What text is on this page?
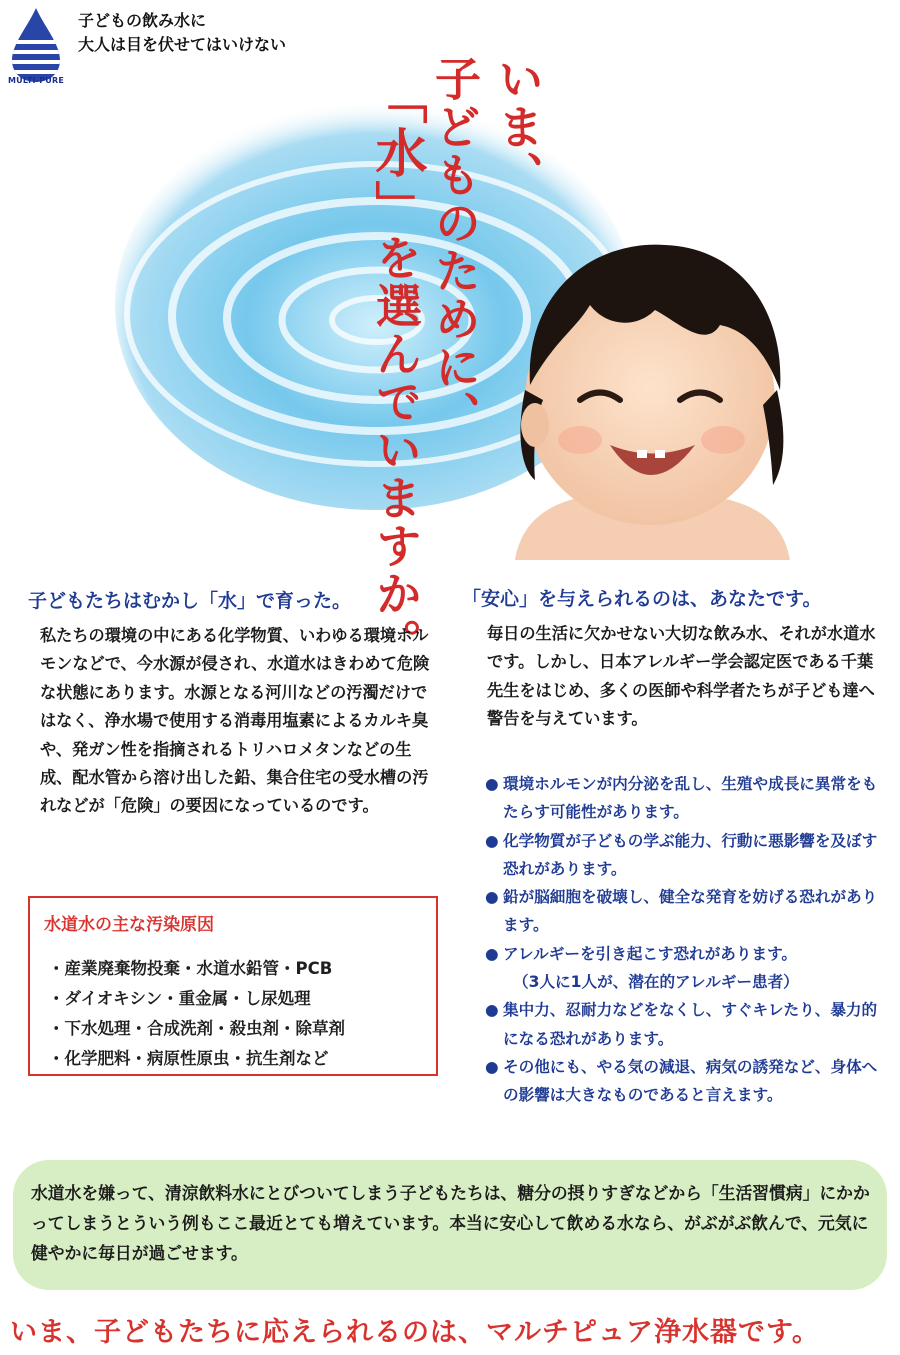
MULTI-PURE
子どもの飲み水に
大人は目を伏せてはいけない
いま、
子どものために、
「水」を選んでいますか。
子どもたちはむかし「水」で育った。
私たちの環境の中にある化学物質、いわゆる環境ホルモンなどで、今水源が侵され、水道水はきわめて危険な状態にあります。水源となる河川などの汚濁だけではなく、浄水場で使用する消毒用塩素によるカルキ臭や、発ガン性を指摘されるトリハロメタンなどの生成、配水管から溶け出した鉛、集合住宅の受水槽の汚れなどが「危険」の要因になっているのです。
水道水の主な汚染原因
・産業廃棄物投棄・水道水鉛管・PCB
・ダイオキシン・重金属・し尿処理
・下水処理・合成洗剤・殺虫剤・除草剤
・化学肥料・病原性原虫・抗生剤など
「安心」を与えられるのは、あなたです。
毎日の生活に欠かせない大切な飲み水、それが水道水です。しかし、日本アレルギー学会認定医である千葉先生をはじめ、多くの医師や科学者たちが子ども達へ警告を与えています。
● 環境ホルモンが内分泌を乱し、生殖や成長に異常をもたらす可能性があります。
● 化学物質が子どもの学ぶ能力、行動に悪影響を及ぼす恐れがあります。
● 鉛が脳細胞を破壊し、健全な発育を妨げる恐れがあります。
● アレルギーを引き起こす恐れがあります。
（3人に1人が、潜在的アレルギー患者）
● 集中力、忍耐力などをなくし、すぐキレたり、暴力的になる恐れがあります。
● その他にも、やる気の減退、病気の誘発など、身体への影響は大きなものであると言えます。
水道水を嫌って、清涼飲料水にとびついてしまう子どもたちは、糖分の摂りすぎなどから「生活習慣病」にかかってしまうとういう例もここ最近とても増えています。本当に安心して飲める水なら、がぶがぶ飲んで、元気に健やかに毎日が過ごせます。
いま、子どもたちに応えられるのは、マルチピュア浄水器です。
